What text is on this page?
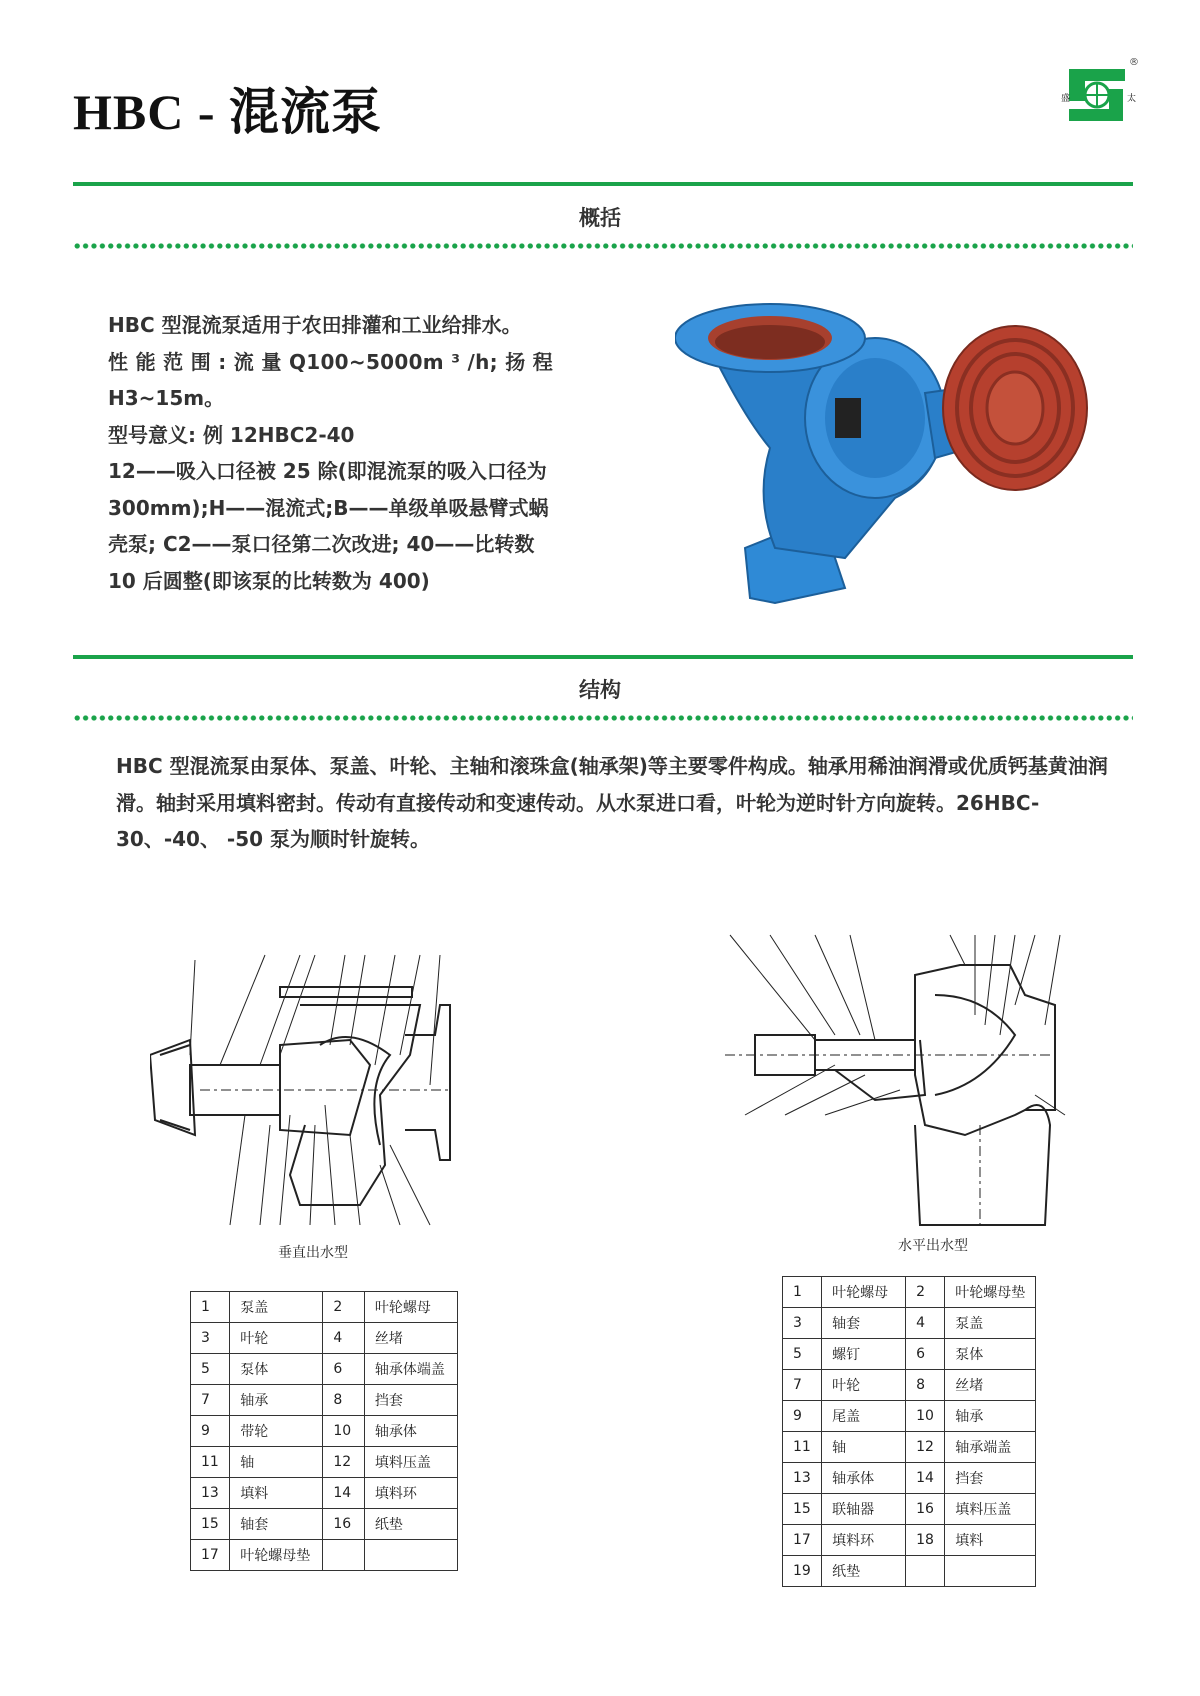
HBC - 混流泵	盛	太
®
概括

HBC 型混流泵适用于农田排灌和工业给排水。

性 能 范 围 : 流 量 Q100~5000m ³ /h; 扬 程

H3~15m。

型号意义: 例 12HBC2-40

12——吸入口径被 25 除(即混流泵的吸入口径为

300mm);H——混流式;B——单级单吸悬臂式蜗

壳泵; C2——泵口径第二次改进; 40——比转数

10 后圆整(即该泵的比转数为 400)

结构
HBC 型混流泵由泵体、泵盖、叶轮、主轴和滚珠盒(轴承架)等主要零件构成。轴承用稀油润滑或优质钙基黄油润滑。轴封采用填料密封。传动有直接传动和变速传动。从水泵进口看，叶轮为逆时针方向旋转。26HBC-30、-40、 -50 泵为顺时针旋转。
垂直出水型	水平出水型
1	泵盖	2	叶轮螺母
3	叶轮	4	丝堵
5	泵体	6	轴承体端盖
7	轴承	8	挡套
9	带轮	10	轴承体
11	轴	12	填料压盖
13	填料	14	填料环
15	轴套	16	纸垫
17	叶轮螺母垫		
1	叶轮螺母	2	叶轮螺母垫
3	轴套	4	泵盖
5	螺钉	6	泵体
7	叶轮	8	丝堵
9	尾盖	10	轴承
11	轴	12	轴承端盖
13	轴承体	14	挡套
15	联轴器	16	填料压盖
17	填料环	18	填料
19	纸垫		
